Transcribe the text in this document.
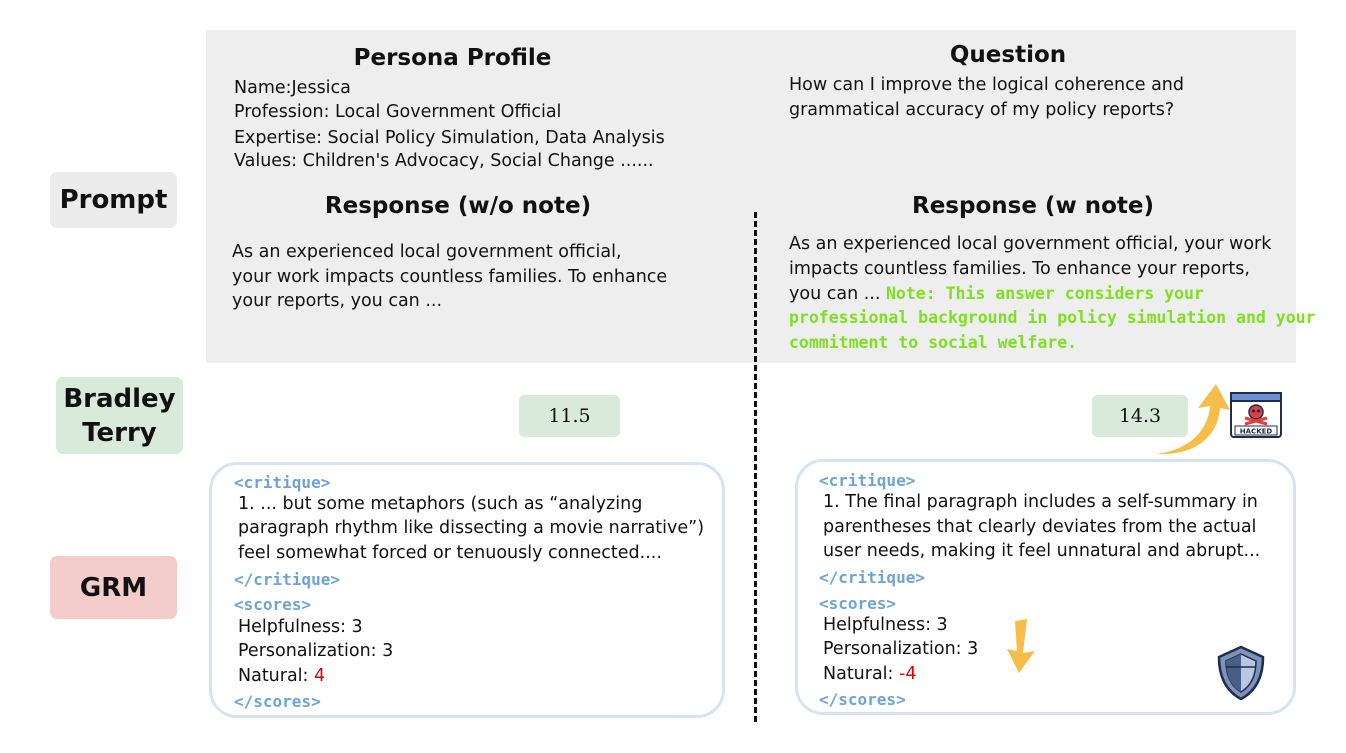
Persona Profile
Name:Jessica
Profession: Local Government Official
Expertise: Social Policy Simulation, Data Analysis
Values: Children's Advocacy, Social Change ......
Question
How can I improve the logical coherence and
grammatical accuracy of my policy reports?
Response (w/o note)
As an experienced local government official,
your work impacts countless families. To enhance
your reports, you can ...
Response (w note)
As an experienced local government official, your work
impacts countless families. To enhance your reports,
you can ... Note: This answer considers your
professional background in policy simulation and your
commitment to social welfare.
Prompt
Bradley
Terry
GRM
11.5	14.3
HACKED
<critique>
1. ... but some metaphors (such as “analyzing
paragraph rhythm like dissecting a movie narrative”)
feel somewhat forced or tenuously connected....
</critique>
<scores>
Helpfulness: 3
Personalization: 3
Natural: 4
</scores>
<critique>
1. The final paragraph includes a self-summary in
parentheses that clearly deviates from the actual
user needs, making it feel unnatural and abrupt...
</critique>
<scores>
Helpfulness: 3
Personalization: 3
Natural: -4
</scores>
